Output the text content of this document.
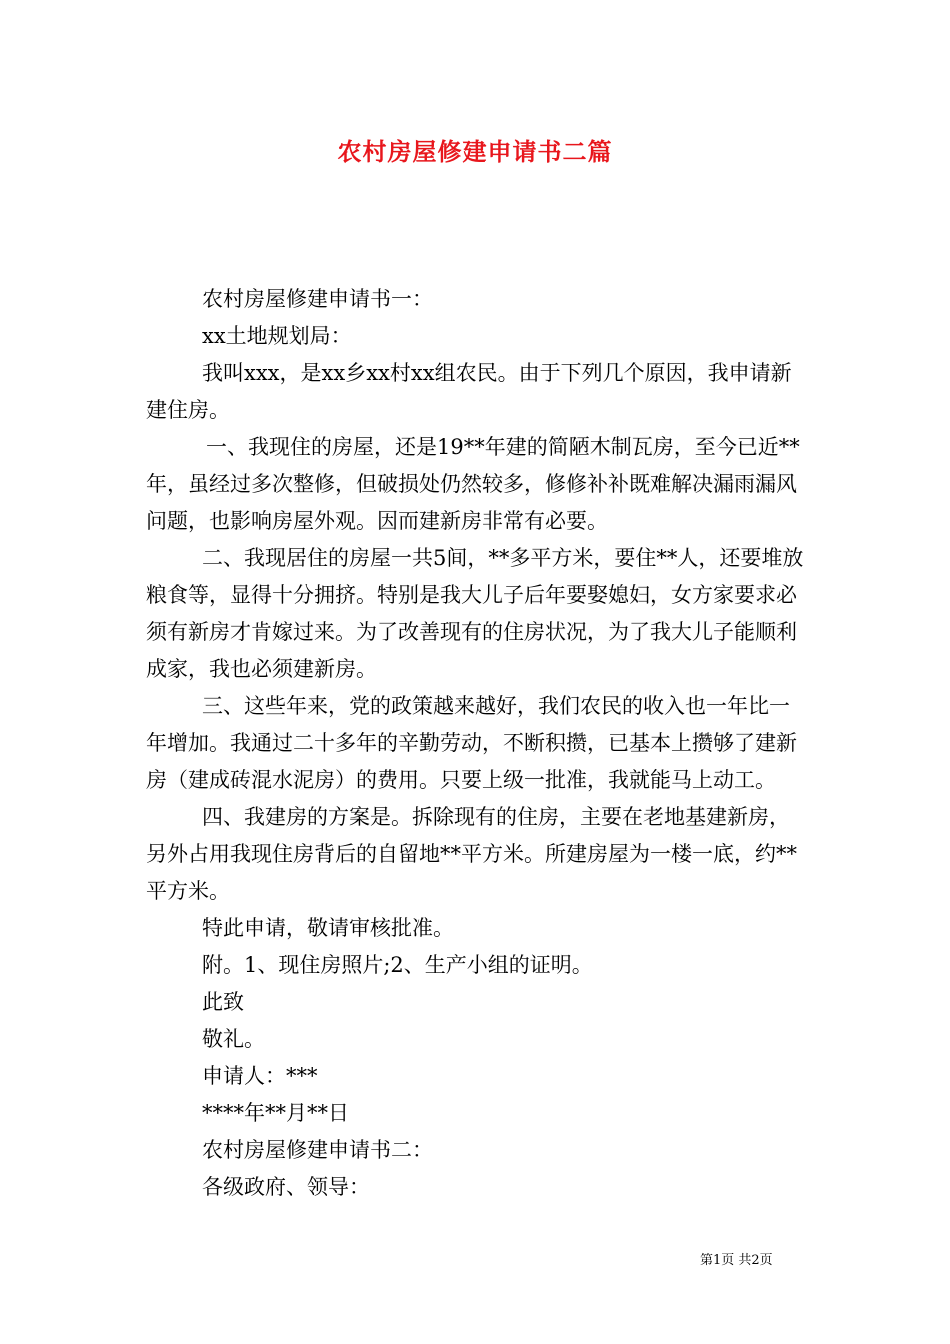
农村房屋修建申请书二篇

农村房屋修建申请书一：

xx土地规划局：

我叫xxx，是xx乡xx村xx组农民。由于下列几个原因，我申请新建住房。

一、我现住的房屋，还是19**年建的简陋木制瓦房，至今已近**年，虽经过多次整修，但破损处仍然较多，修修补补既难解决漏雨漏风问题，也影响房屋外观。因而建新房非常有必要。

二、我现居住的房屋一共5间，**多平方米，要住**人，还要堆放粮食等，显得十分拥挤。特别是我大儿子后年要娶媳妇，女方家要求必须有新房才肯嫁过来。为了改善现有的住房状况，为了我大儿子能顺利成家，我也必须建新房。

三、这些年来，党的政策越来越好，我们农民的收入也一年比一年增加。我通过二十多年的辛勤劳动，不断积攒，已基本上攒够了建新房（建成砖混水泥房）的费用。只要上级一批准，我就能马上动工。

四、我建房的方案是。拆除现有的住房，主要在老地基建新房，另外占用我现住房背后的自留地**平方米。所建房屋为一楼一底，约**平方米。

特此申请，敬请审核批准。

附。1、现住房照片;2、生产小组的证明。

此致

敬礼。

申请人：***

****年**月**日

农村房屋修建申请书二：

各级政府、领导：

第1页 共2页
